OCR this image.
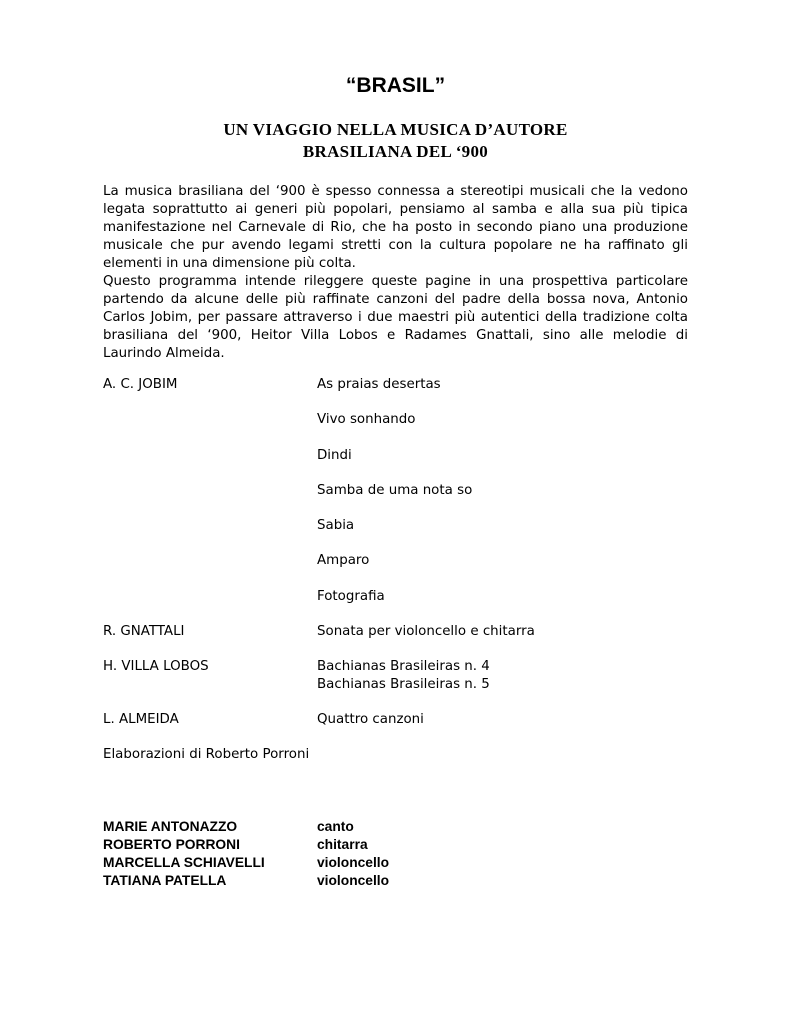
“BRASIL”
UN VIAGGIO NELLA MUSICA D’AUTORE
BRASILIANA DEL ‘900

La musica brasiliana del ‘900 è spesso connessa a stereotipi musicali che la vedono legata soprattutto ai generi più popolari, pensiamo al samba e alla sua più tipica manifestazione nel Carnevale di Rio, che ha posto in secondo piano una produzione musicale che pur avendo legami stretti con la cultura popolare ne ha raffinato gli elementi in una dimensione più colta.

Questo programma intende rileggere queste pagine in una prospettiva particolare partendo da alcune delle più raffinate canzoni del padre della bossa nova, Antonio Carlos Jobim, per passare attraverso i due maestri più autentici della tradizione colta brasiliana del ‘900, Heitor Villa Lobos e Radames Gnattali, sino alle melodie di Laurindo Almeida.

A. C. JOBIM	As praias desertas
Vivo sonhando
Dindi
Samba de uma nota so
Sabia
Amparo
Fotografia
R. GNATTALI	Sonata per violoncello e chitarra
H. VILLA LOBOS	Bachianas Brasileiras n. 4
Bachianas Brasileiras n. 5
L. ALMEIDA	Quattro canzoni
Elaborazioni di Roberto Porroni
MARIE ANTONAZZO	canto
ROBERTO PORRONI	chitarra
MARCELLA SCHIAVELLI	violoncello
TATIANA PATELLA	violoncello
